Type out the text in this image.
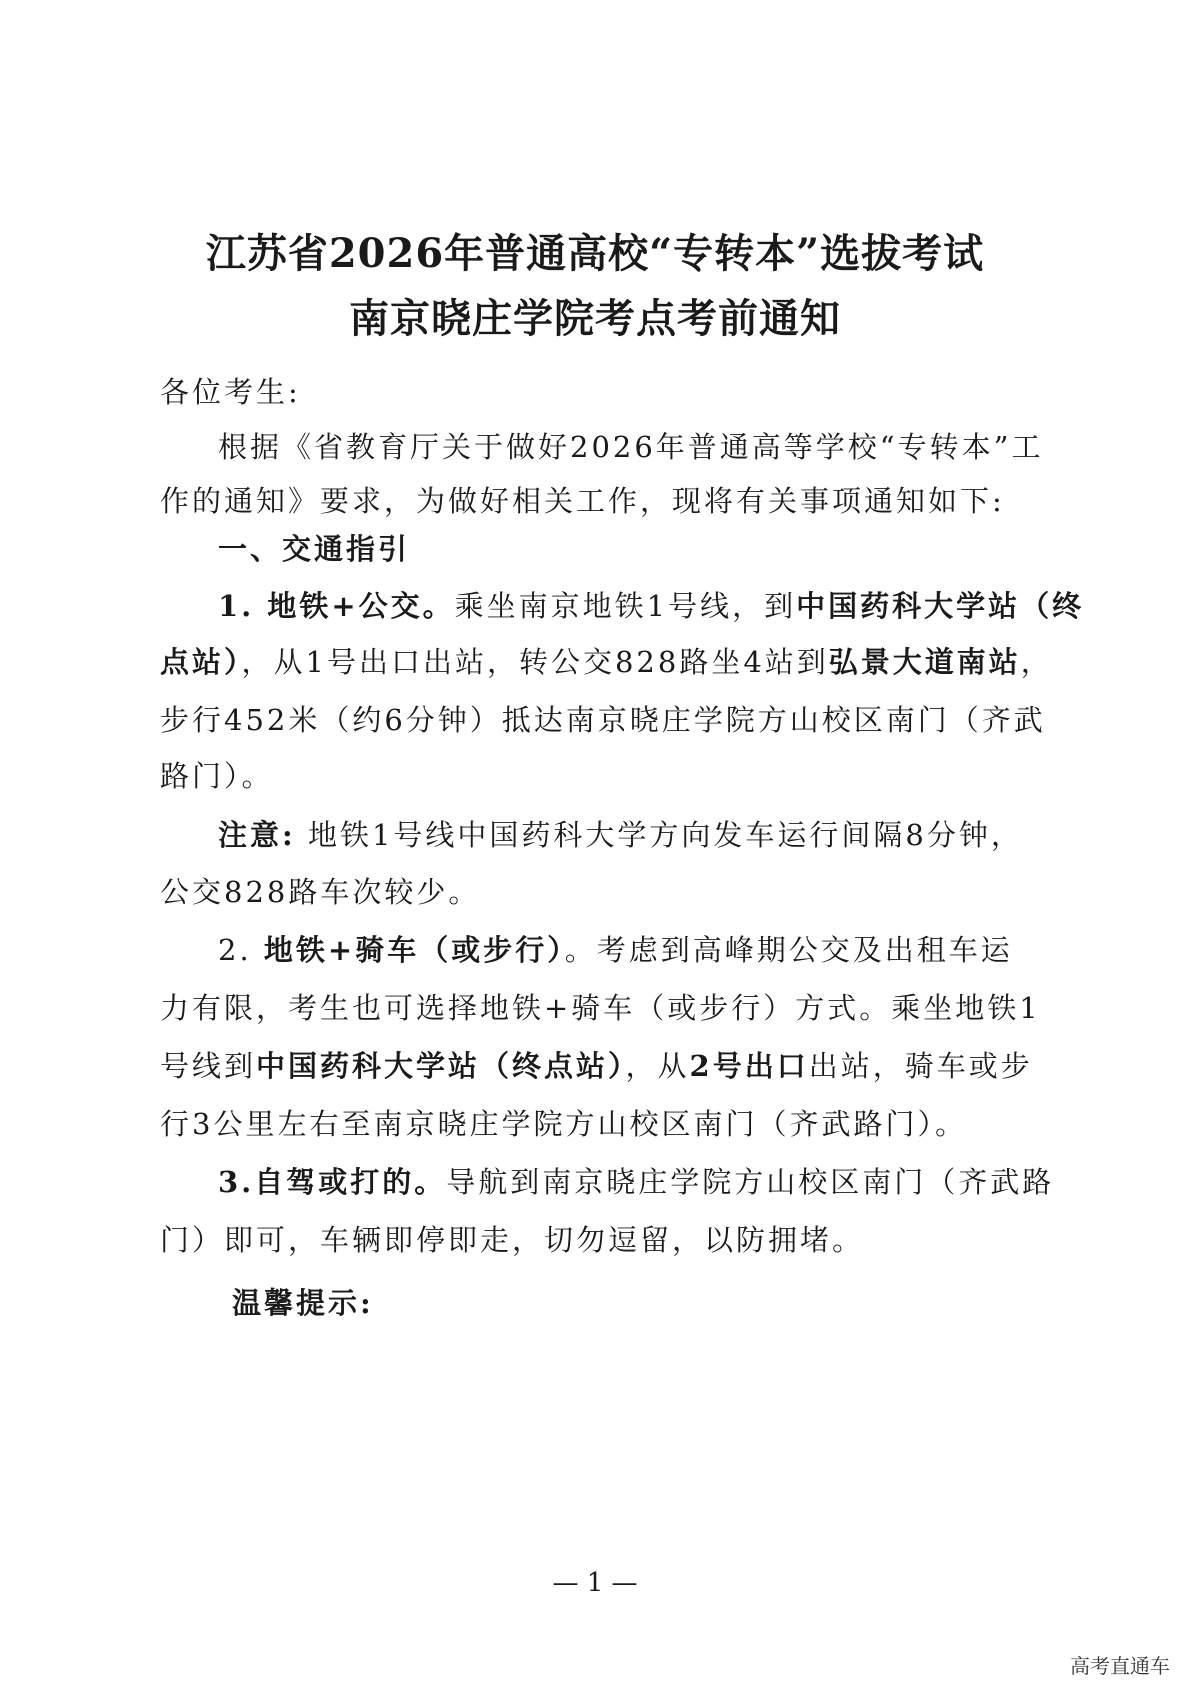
江苏省2026年普通高校“专转本”选拔考试
南京晓庄学院考点考前通知
各位考生:
根据《省教育厅关于做好2026年普通高等学校“专转本”工
作的通知》要求，为做好相关工作，现将有关事项通知如下:
一、交通指引
1. 地铁+公交。乘坐南京地铁1号线，到中国药科大学站（终
点站），从1号出口出站，转公交828路坐4站到弘景大道南站，
步行452米（约6分钟）抵达南京晓庄学院方山校区南门（齐武
路门）。
注意: 地铁1号线中国药科大学方向发车运行间隔8分钟，
公交828路车次较少。
2. 地铁+骑车（或步行）。考虑到高峰期公交及出租车运
力有限，考生也可选择地铁+骑车（或步行）方式。乘坐地铁1
号线到中国药科大学站（终点站），从2号出口出站，骑车或步
行3公里左右至南京晓庄学院方山校区南门（齐武路门）。
3.自驾或打的。导航到南京晓庄学院方山校区南门（齐武路
门）即可，车辆即停即走，切勿逗留，以防拥堵。
温馨提示:
— 1 —
高考直通车
